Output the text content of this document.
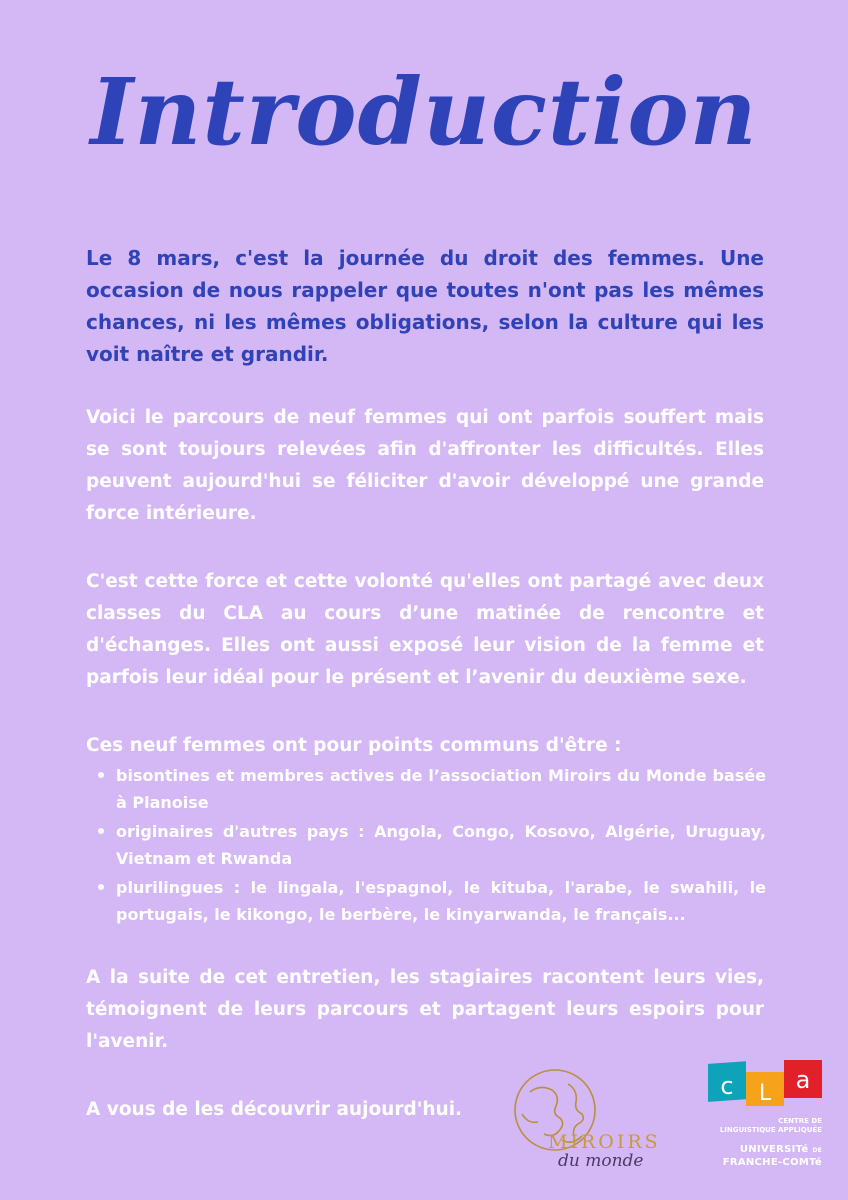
Introduction

Le 8 mars, c'est la journée du droit des femmes. Une occasion de nous rappeler que toutes n'ont pas les mêmes chances, ni les mêmes obligations, selon la culture qui les voit naître et grandir.

Voici le parcours de neuf femmes qui ont parfois souffert mais se sont toujours relevées afin d'affronter les difficultés. Elles peuvent aujourd'hui se féliciter d'avoir développé une grande force intérieure.

C'est cette force et cette volonté qu'elles ont partagé avec deux classes du CLA au cours d’une matinée de rencontre et d'échanges. Elles ont aussi exposé leur vision de la femme et parfois leur idéal pour le présent et l’avenir du deuxième sexe.

Ces neuf femmes ont pour points communs d'être :

bisontines et membres actives de l’association Miroirs du Monde basée à Planoise
originaires d'autres pays : Angola, Congo, Kosovo, Algérie, Uruguay, Vietnam et Rwanda
plurilingues : le lingala, l'espagnol, le kituba, l'arabe, le swahili, le portugais, le kikongo, le berbère, le kinyarwanda, le français...

A la suite de cet entretien, les stagiaires racontent leurs vies, témoignent de leurs parcours et partagent leurs espoirs pour l'avenir.

A vous de les découvrir aujourd'hui.

MIROIRS
du monde
c L a
CENTRE DE
LINGUISTIQUE APPLIQUÉE
UNIVERSITé DE
FRANCHE-COMTé
